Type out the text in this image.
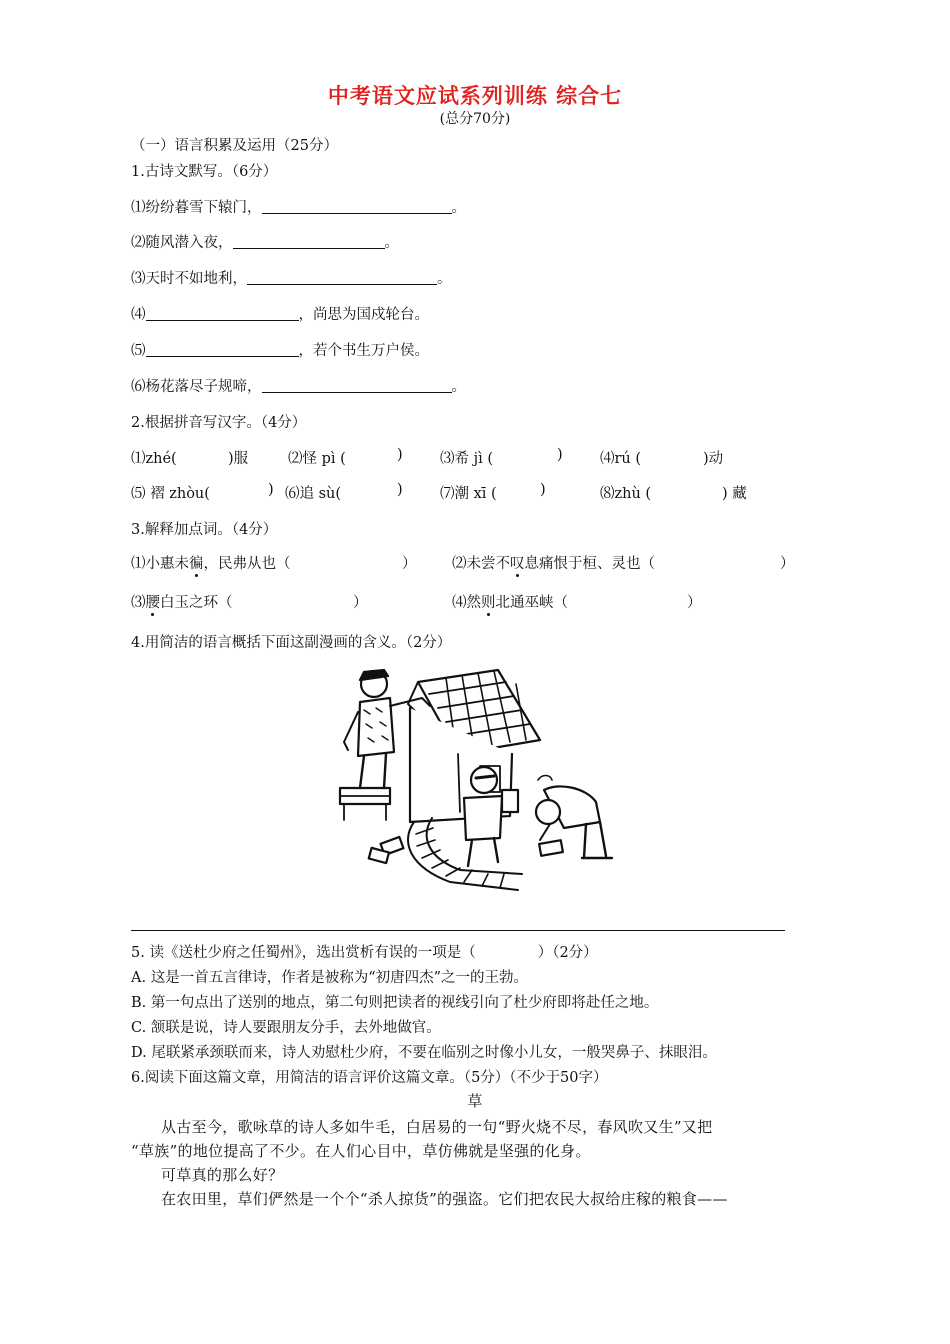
中考语文应试系列训练 综合七
(总分70分)
（一）语言积累及运用（25分）
1.古诗文默写。（6分）
⑴纷纷暮雪下辕门，	。
⑵随风潜入夜，	。
⑶天时不如地利，	。
⑷	，尚思为国戍轮台。
⑸	，若个书生万户侯。
⑹杨花落尽子规啼，	。
2.根据拼音写汉字。（4分）
⑴zhé(	)服	⑵怪 pì (	)	⑶希 jì (	)	⑷rú (	)动
⑸ 褶 zhòu(	) ⑹追 sù(	)	⑺潮 xī (	)	⑻zhù (	) 藏
3.解释加点词。（4分）
⑴小惠未徧，民弗从也（	） ⑵未尝不叹息痛恨于桓、灵也（	）
⑶腰白玉之环（	）	⑷然则北通巫峡（	）
4.用简洁的语言概括下面这副漫画的含义。（2分）
5. 读《送杜少府之任蜀州》，选出赏析有误的一项是（	）（2分）
A. 这是一首五言律诗，作者是被称为“初唐四杰”之一的王勃。
B. 第一句点出了送别的地点，第二句则把读者的视线引向了杜少府即将赴任之地。
C. 颔联是说，诗人要跟朋友分手，去外地做官。
D. 尾联紧承颈联而来，诗人劝慰杜少府，不要在临别之时像小儿女，一般哭鼻子、抹眼泪。
6.阅读下面这篇文章，用简洁的语言评价这篇文章。（5分）（不少于50字）
草
从古至今，歌咏草的诗人多如牛毛，白居易的一句“野火烧不尽，春风吹又生”又把
“草族”的地位提高了不少。在人们心目中，草仿佛就是坚强的化身。
可草真的那么好？
在农田里，草们俨然是一个个“杀人掠货”的强盗。它们把农民大叔给庄稼的粮食——
